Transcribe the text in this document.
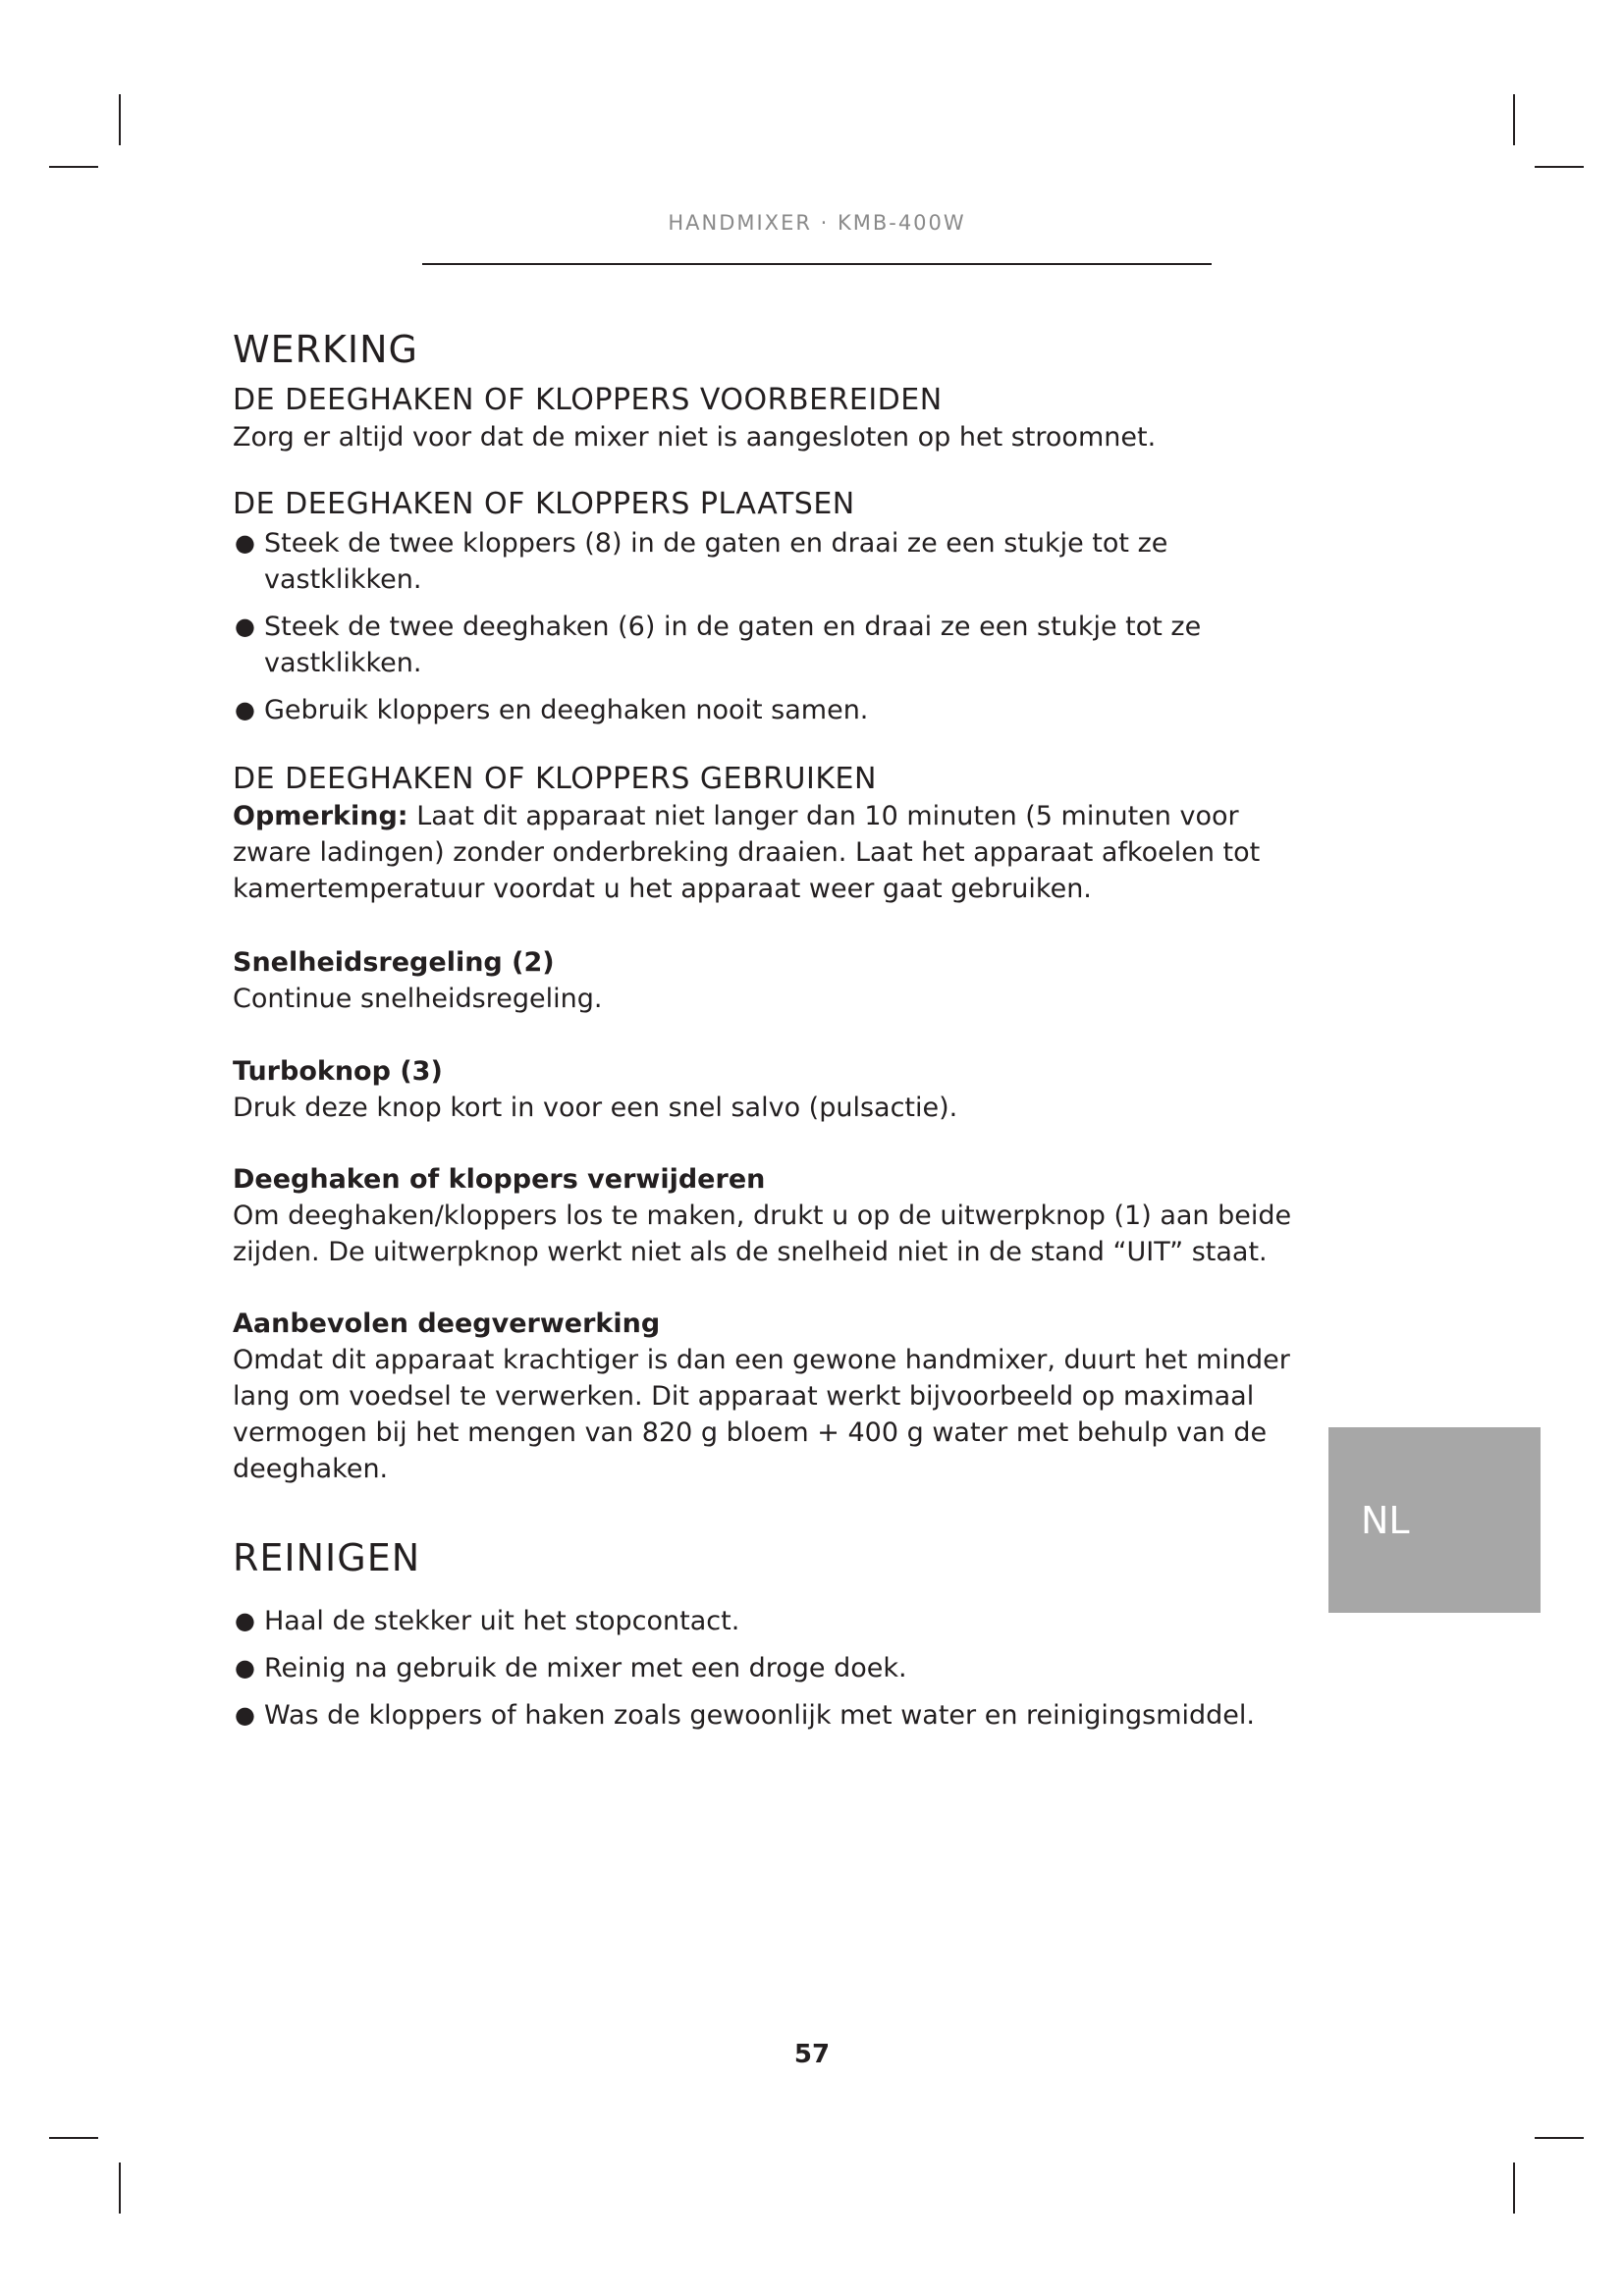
HANDMIXER · KMB-400W
WERKING
DE DEEGHAKEN OF KLOPPERS VOORBEREIDEN

Zorg er altijd voor dat de mixer niet is aangesloten op het stroomnet.

DE DEEGHAKEN OF KLOPPERS PLAATSEN
● Steek de twee kloppers (8) in de gaten en draai ze een stukje tot ze vastklikken.
● Steek de twee deeghaken (6) in de gaten en draai ze een stukje tot ze vastklikken.
● Gebruik kloppers en deeghaken nooit samen.
DE DEEGHAKEN OF KLOPPERS GEBRUIKEN

Opmerking: Laat dit apparaat niet langer dan 10 minuten (5 minuten voor zware ladingen) zonder onderbreking draaien. Laat het apparaat afkoelen tot kamertemperatuur voordat u het apparaat weer gaat gebruiken.

Snelheidsregeling (2)

Continue snelheidsregeling.

Turboknop (3)

Druk deze knop kort in voor een snel salvo (pulsactie).

Deeghaken of kloppers verwijderen

Om deeghaken/kloppers los te maken, drukt u op de uitwerpknop (1) aan beide zijden. De uitwerpknop werkt niet als de snelheid niet in de stand “UIT” staat.

Aanbevolen deegverwerking

Omdat dit apparaat krachtiger is dan een gewone handmixer, duurt het minder lang om voedsel te verwerken. Dit apparaat werkt bijvoorbeeld op maximaal vermogen bij het mengen van 820 g bloem + 400 g water met behulp van de deeghaken.

REINIGEN
● Haal de stekker uit het stopcontact.
● Reinig na gebruik de mixer met een droge doek.
● Was de kloppers of haken zoals gewoonlijk met water en reinigingsmiddel.
NL
57
